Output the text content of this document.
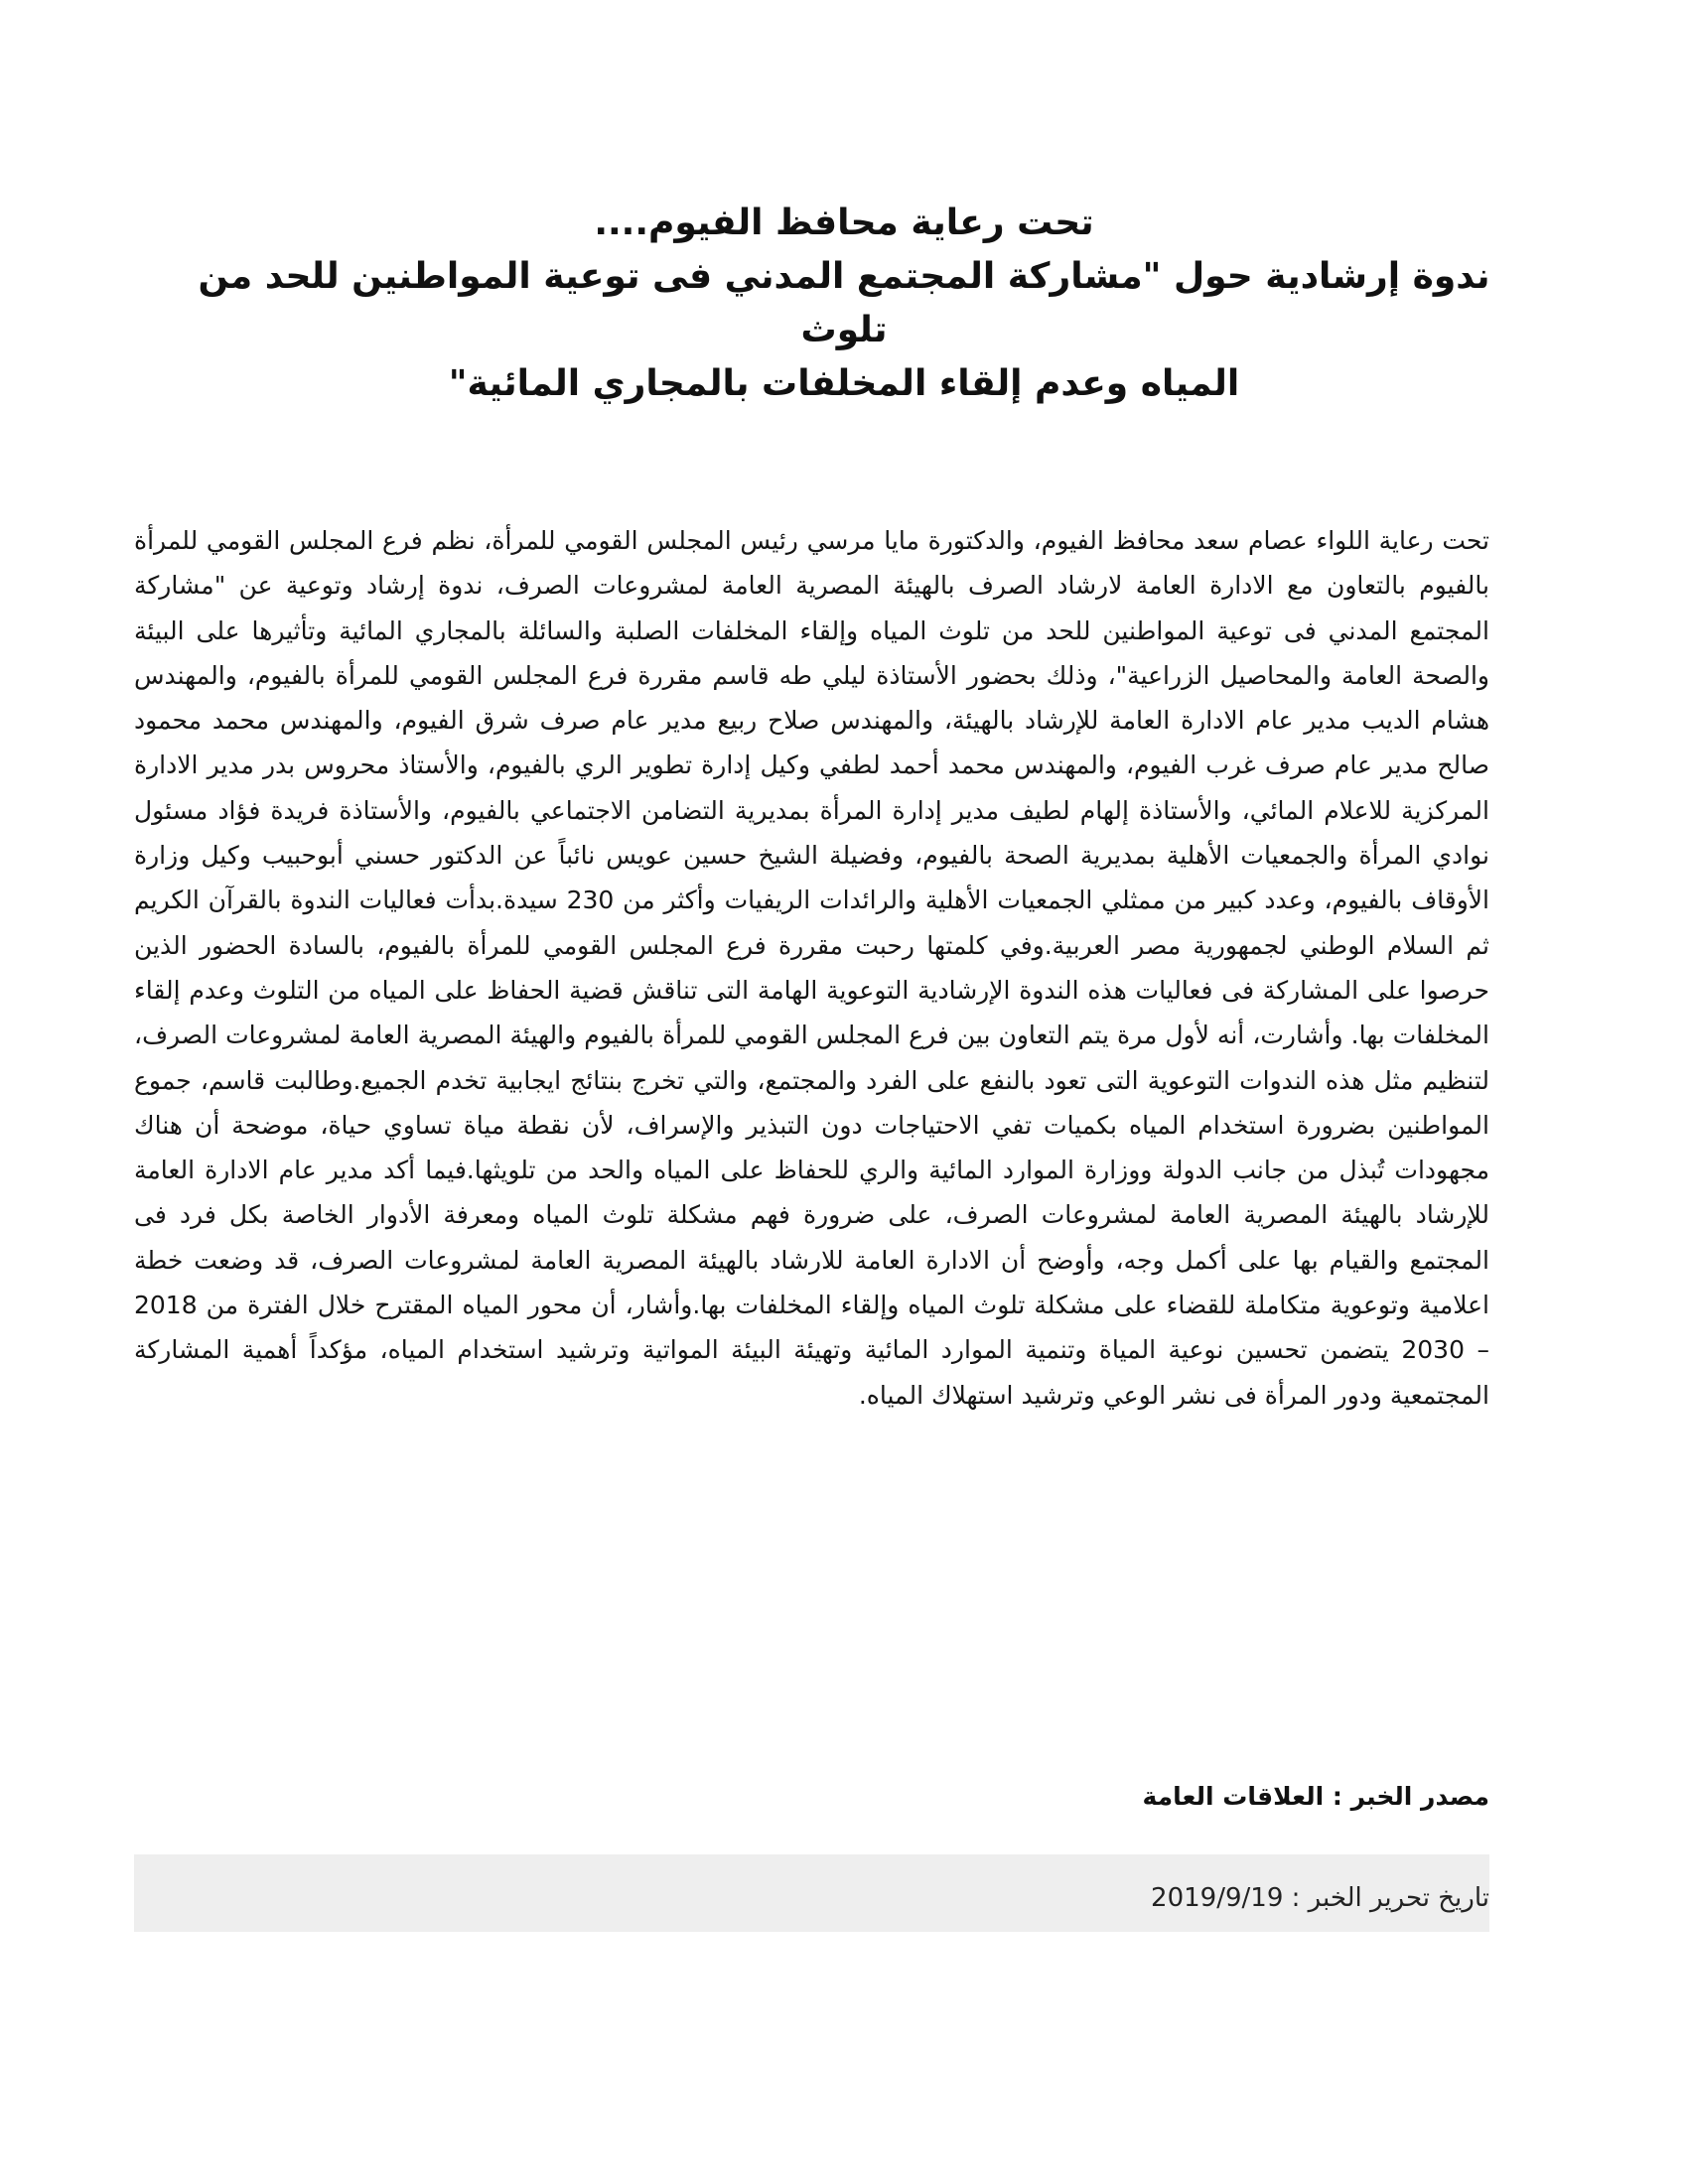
تحت رعاية محافظ الفيوم....

ندوة إرشادية حول "مشاركة المجتمع المدني فى توعية المواطنين للحد من تلوث

المياه وعدم إلقاء المخلفات بالمجاري المائية"

تحت رعاية اللواء عصام سعد محافظ الفيوم، والدكتورة مايا مرسي رئيس المجلس القومي للمرأة، نظم فرع المجلس القومي للمرأة بالفيوم بالتعاون مع الادارة العامة لارشاد الصرف بالهيئة المصرية العامة لمشروعات الصرف، ندوة إرشاد وتوعية عن "مشاركة المجتمع المدني فى توعية المواطنين للحد من تلوث المياه وإلقاء المخلفات الصلبة والسائلة بالمجاري المائية وتأثيرها على البيئة والصحة العامة والمحاصيل الزراعية"، وذلك بحضور الأستاذة ليلي طه قاسم مقررة فرع المجلس القومي للمرأة بالفيوم، والمهندس هشام الديب مدير عام الادارة العامة للإرشاد بالهيئة، والمهندس صلاح ربيع مدير عام صرف شرق الفيوم، والمهندس محمد محمود صالح مدير عام صرف غرب الفيوم، والمهندس محمد أحمد لطفي وكيل إدارة تطوير الري بالفيوم، والأستاذ محروس بدر مدير الادارة المركزية للاعلام المائي، والأستاذة إلهام لطيف مدير إدارة المرأة بمديرية التضامن الاجتماعي بالفيوم، والأستاذة فريدة فؤاد مسئول نوادي المرأة والجمعيات الأهلية بمديرية الصحة بالفيوم، وفضيلة الشيخ حسين عويس نائباً عن الدكتور حسني أبوحبيب وكيل وزارة الأوقاف بالفيوم، وعدد كبير من ممثلي الجمعيات الأهلية والرائدات الريفيات وأكثر من 230 سيدة.بدأت فعاليات الندوة بالقرآن الكريم ثم السلام الوطني لجمهورية مصر العربية.وفي كلمتها رحبت مقررة فرع المجلس القومي للمرأة بالفيوم، بالسادة الحضور الذين حرصوا على المشاركة فى فعاليات هذه الندوة الإرشادية التوعوية الهامة التى تناقش قضية الحفاظ على المياه من التلوث وعدم إلقاء المخلفات بها. وأشارت، أنه لأول مرة يتم التعاون بين فرع المجلس القومي للمرأة بالفيوم والهيئة المصرية العامة لمشروعات الصرف، لتنظيم مثل هذه الندوات التوعوية التى تعود بالنفع على الفرد والمجتمع، والتي تخرج بنتائج ايجابية تخدم الجميع.وطالبت قاسم، جموع المواطنين بضرورة استخدام المياه بكميات تفي الاحتياجات دون التبذير والإسراف، لأن نقطة مياة تساوي حياة، موضحة أن هناك مجهودات تُبذل من جانب الدولة ووزارة الموارد المائية والري للحفاظ على المياه والحد من تلويثها.فيما أكد مدير عام الادارة العامة للإرشاد بالهيئة المصرية العامة لمشروعات الصرف، على ضرورة فهم مشكلة تلوث المياه ومعرفة الأدوار الخاصة بكل فرد فى المجتمع والقيام بها على أكمل وجه، وأوضح أن الادارة العامة للارشاد بالهيئة المصرية العامة لمشروعات الصرف، قد وضعت خطة اعلامية وتوعوية متكاملة للقضاء على مشكلة تلوث المياه وإلقاء المخلفات بها.وأشار، أن محور المياه المقترح خلال الفترة من 2018 – 2030 يتضمن تحسين نوعية المياة وتنمية الموارد المائية وتهيئة البيئة المواتية وترشيد استخدام المياه، مؤكداً أهمية المشاركة المجتمعية ودور المرأة فى نشر الوعي وترشيد استهلاك المياه.

مصدر الخبر : العلاقات العامة

تاريخ تحرير الخبر : 2019/9/19
